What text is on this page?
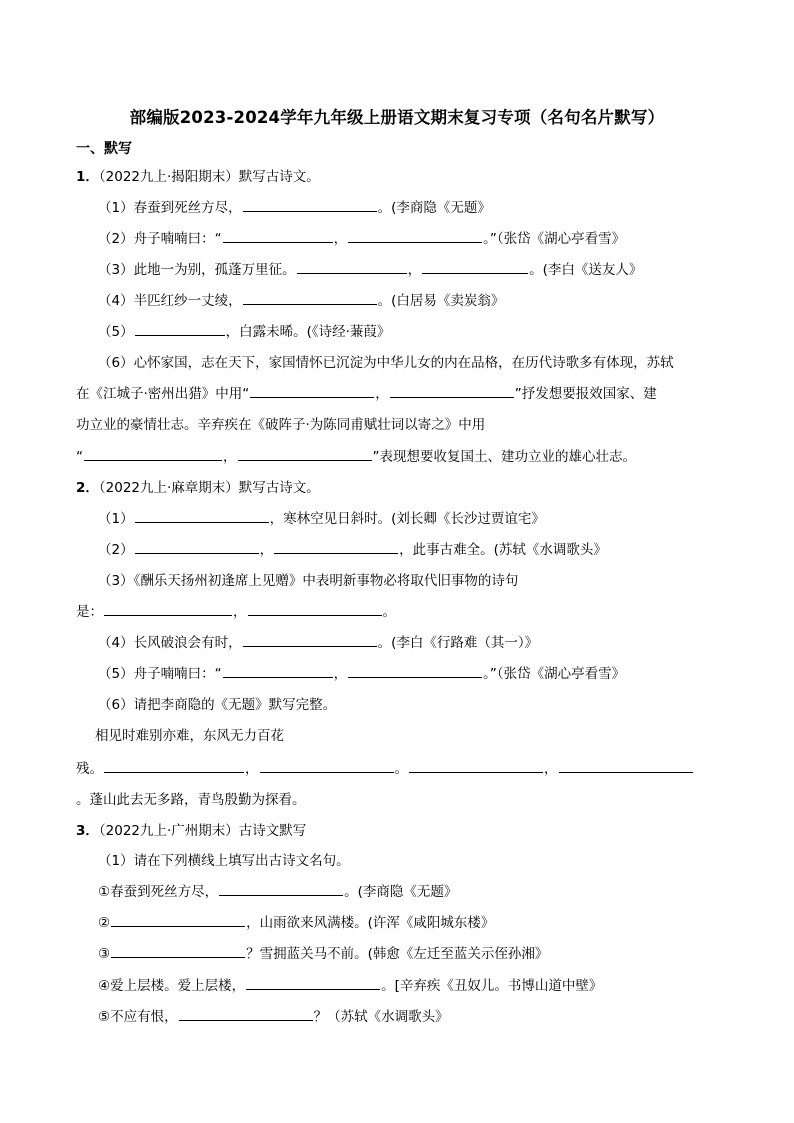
部编版2023-2024学年九年级上册语文期末复习专项（名句名片默写）
一、默写
1．（2022九上·揭阳期末）默写古诗文。
（1）春蚕到死丝方尽，	。(李商隐《无题》
（2）舟子喃喃曰：“	，	。”（张岱《湖心亭看雪》
（3）此地一为别，孤蓬万里征。	，	。(李白《送友人》
（4）半匹红纱一丈绫，	。(白居易《卖炭翁》
（5）	，白露未晞。(《诗经·蒹葭》
（6）心怀家国，志在天下，家国情怀已沉淀为中华儿女的内在品格，在历代诗歌多有体现，苏轼
在《江城子·密州出猎》中用“	，	”抒发想要报效国家、建
功立业的豪情壮志。辛弃疾在《破阵子·为陈同甫赋壮词以寄之》中用
“	，	”表现想要收复国土、建功立业的雄心壮志。
2．（2022九上·麻章期末）默写古诗文。
（1）	，寒林空见日斜时。(刘长卿《长沙过贾谊宅》
（2）	，	，此事古难全。(苏轼《水调歌头》
（3）《酬乐天扬州初逢席上见赠》中表明新事物必将取代旧事物的诗句
是：	，	。
（4）长风破浪会有时，	。(李白《行路难（其一）》
（5）舟子喃喃曰：“	，	。”（张岱《湖心亭看雪》
（6）请把李商隐的《无题》默写完整。
相见时难别亦难，东风无力百花
残。	，	。	，
。蓬山此去无多路，青鸟殷勤为探看。
3．（2022九上·广州期末）古诗文默写
（1）请在下列横线上填写出古诗文名句。
①春蚕到死丝方尽，	。(李商隐《无题》
②	，山雨欲来风满楼。(许浑《咸阳城东楼》
③	？雪拥蓝关马不前。(韩愈《左迁至蓝关示侄孙湘》
④爱上层楼。爱上层楼，	。[辛弃疾《丑奴儿。书博山道中壁》
⑤不应有恨，	？（苏轼《水调歌头》
